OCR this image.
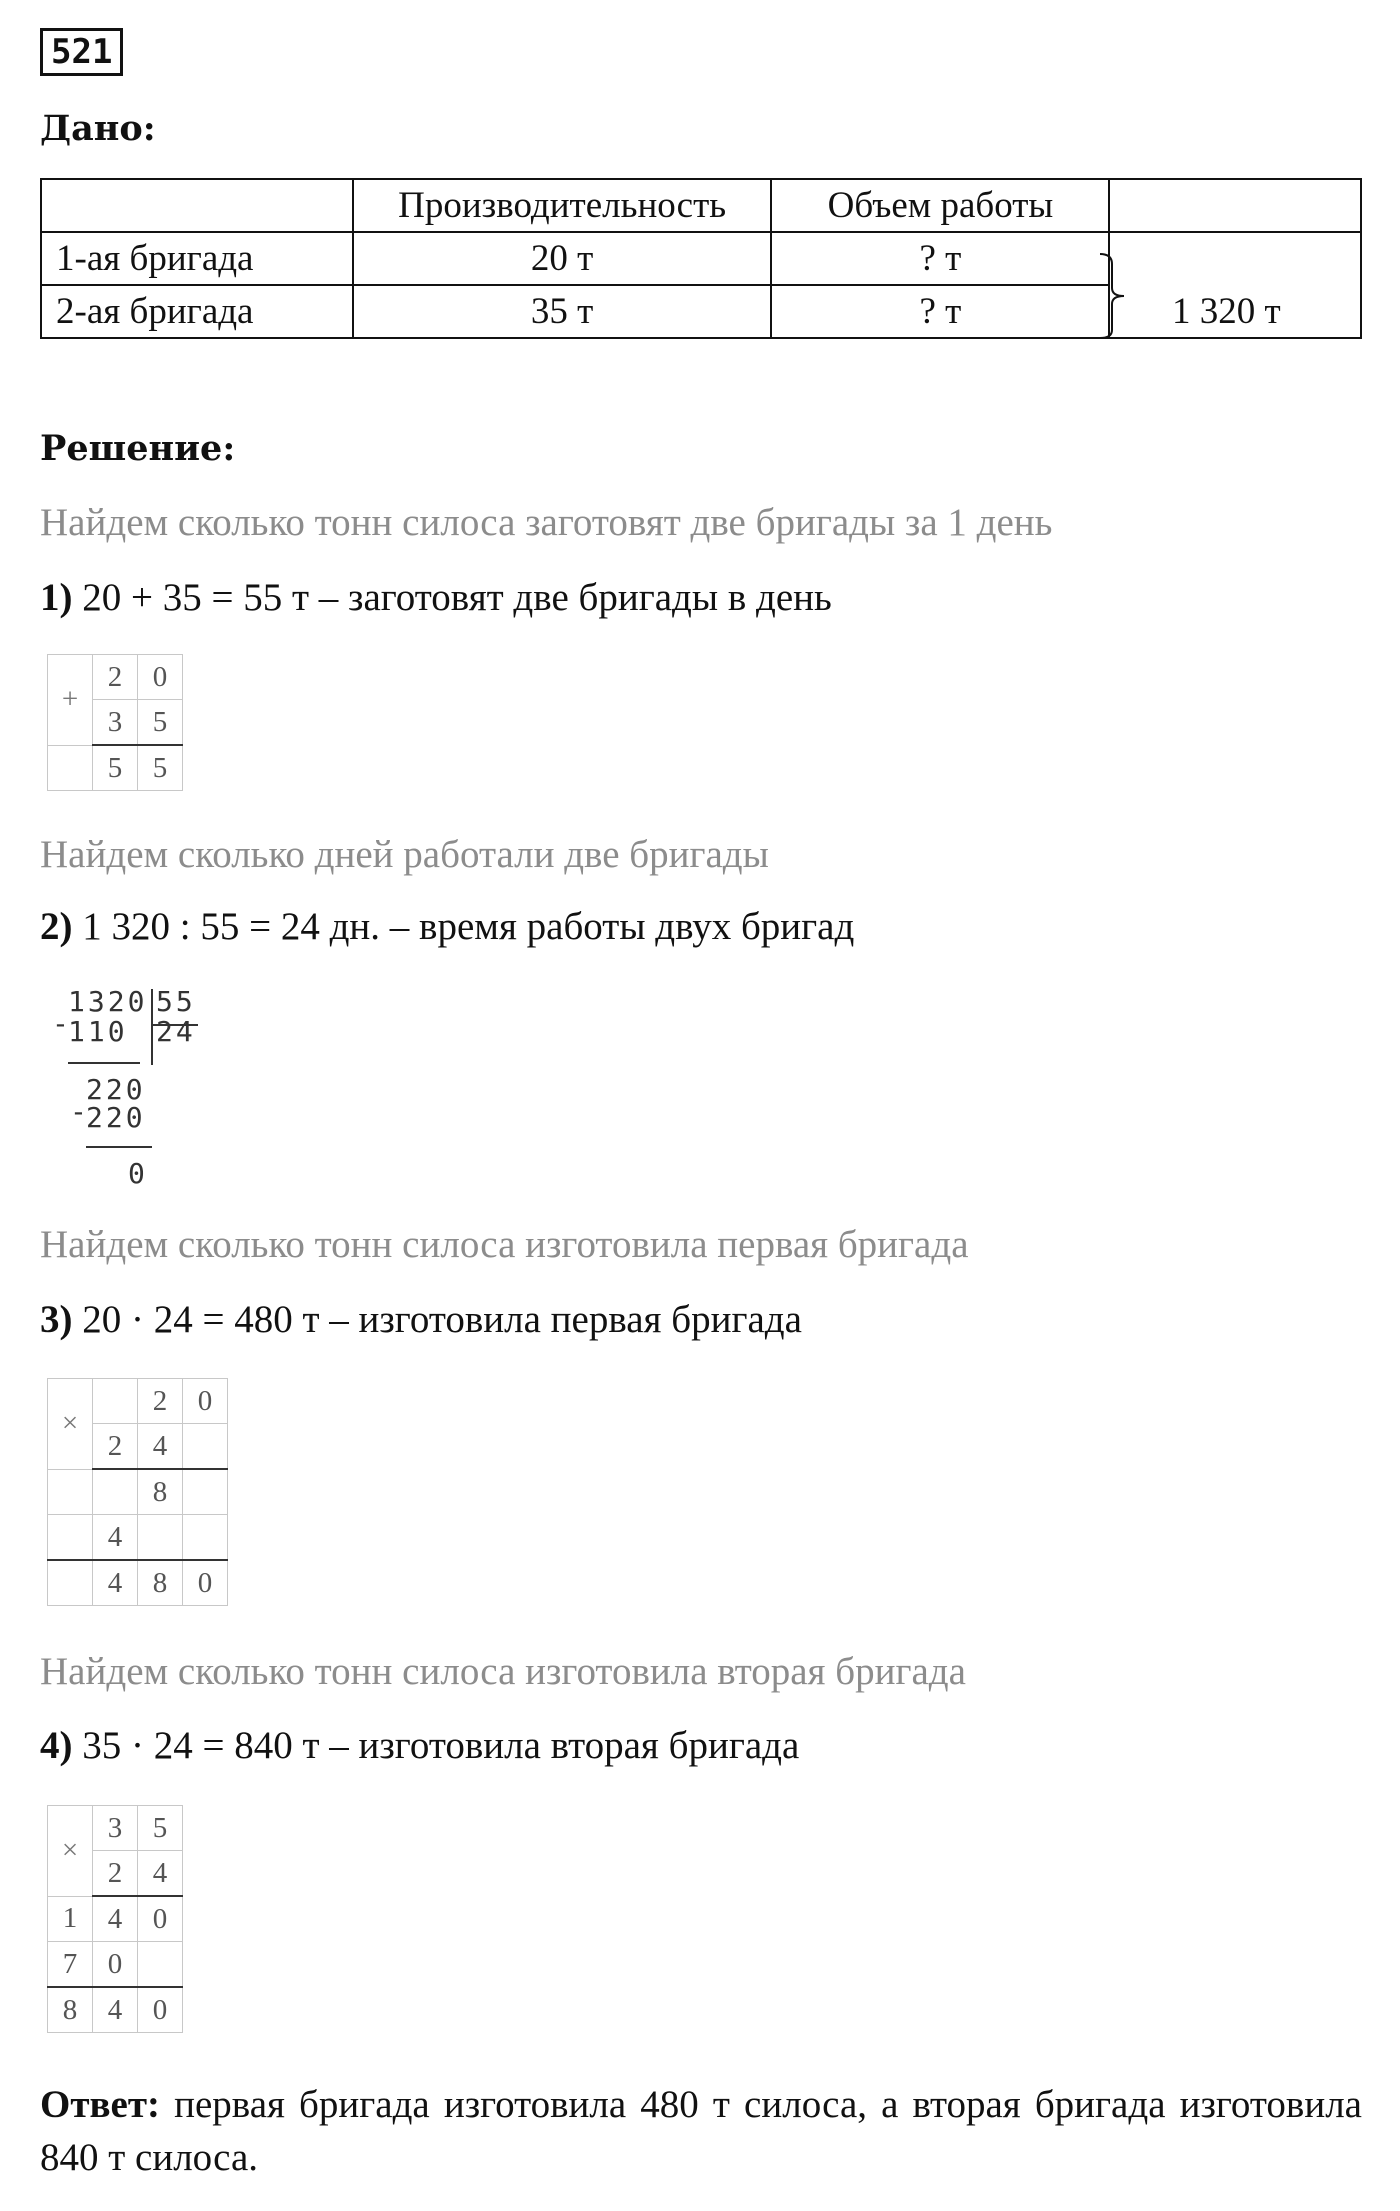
521
Дано:
	Производительность	Объем работы	
1-ая бригада	20 т	? т	
2-ая бригада	35 т	? т		1 320 т
Решение:
Найдем сколько тонн силоса заготовят две бригады за 1 день
1) 20 + 35 = 55 т – заготовят две бригады в день
+	2	0
	3	5
	5	5
Найдем сколько дней работали две бригады
2) 1 320 : 55 = 24 дн. – время работы двух бригад
1320 55
-
110 24
220
-
220
0
Найдем сколько тонн силоса изготовила первая бригада
3) 20 · 24 = 480 т – изготовила первая бригада
×		2	0
	2	4	
		8	
	4		
	4	8	0
Найдем сколько тонн силоса изготовила вторая бригада
4) 35 · 24 = 840 т – изготовила вторая бригада
×	3	5
	2	4
1	4	0
7	0	
8	4	0
Ответ: первая бригада изготовила 480 т силоса, а вторая бригада изготовила 840 т силоса.
